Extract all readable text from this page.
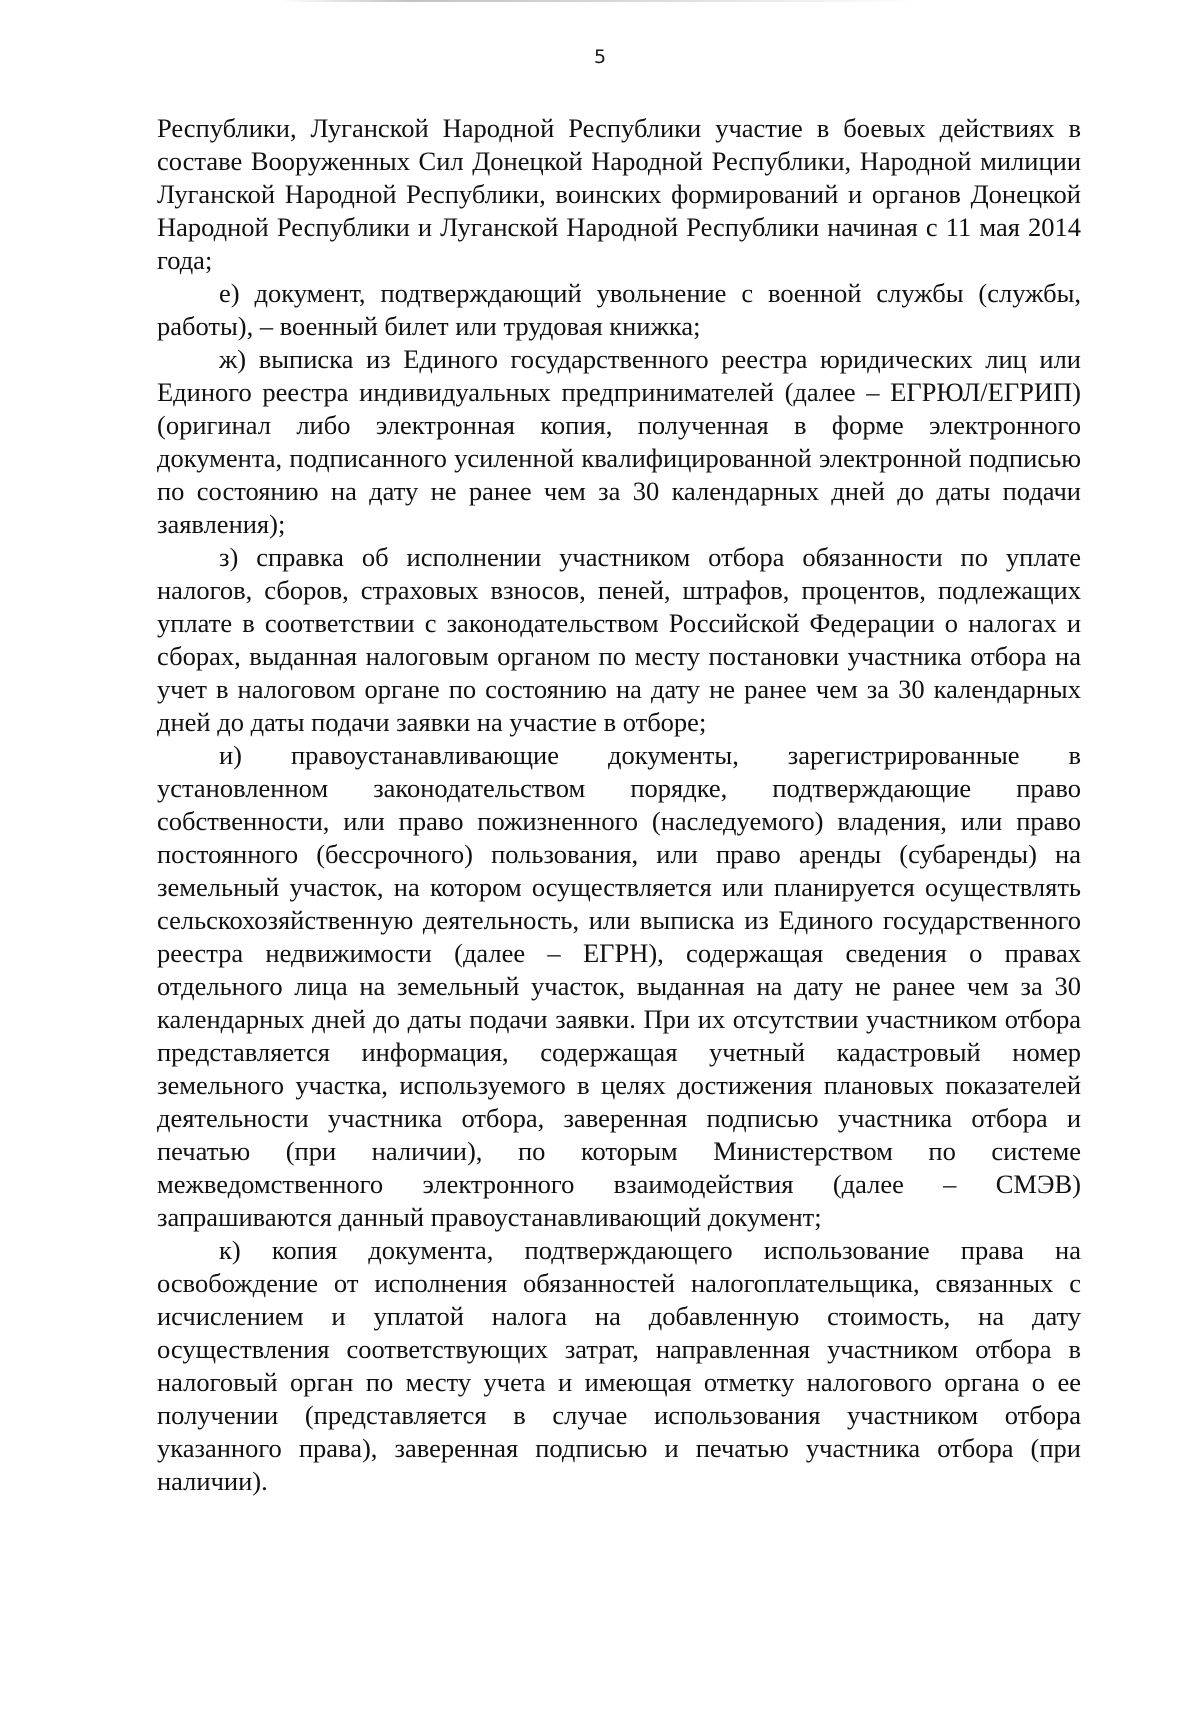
5

Республики, Луганской Народной Республики участие в боевых действиях в составе Вооруженных Сил Донецкой Народной Республики, Народной милиции Луганской Народной Республики, воинских формирований и органов Донецкой Народной Республики и Луганской Народной Республики начиная с 11 мая 2014 года;

е) документ, подтверждающий увольнение с военной службы (службы, работы), – военный билет или трудовая книжка;

ж) выписка из Единого государственного реестра юридических лиц или Единого реестра индивидуальных предпринимателей (далее – ЕГРЮЛ/ЕГРИП) (оригинал либо электронная копия, полученная в форме электронного документа, подписанного усиленной квалифицированной электронной подписью по состоянию на дату не ранее чем за 30 календарных дней до даты подачи заявления);

з) справка об исполнении участником отбора обязанности по уплате налогов, сборов, страховых взносов, пеней, штрафов, процентов, подлежащих уплате в соответствии с законодательством Российской Федерации о налогах и сборах, выданная налоговым органом по месту постановки участника отбора на учет в налоговом органе по состоянию на дату не ранее чем за 30 календарных дней до даты подачи заявки на участие в отборе;

и) правоустанавливающие документы, зарегистрированные в установленном законодательством порядке, подтверждающие право собственности, или право пожизненного (наследуемого) владения, или право постоянного (бессрочного) пользования, или право аренды (субаренды) на земельный участок, на котором осуществляется или планируется осуществлять сельскохозяйственную деятельность, или выписка из Единого государственного реестра недвижимости (далее – ЕГРН), содержащая сведения о правах отдельного лица на земельный участок, выданная на дату не ранее чем за 30 календарных дней до даты подачи заявки. При их отсутствии участником отбора представляется информация, содержащая учетный кадастровый номер земельного участка, используемого в целях достижения плановых показателей деятельности участника отбора, заверенная подписью участника отбора и печатью (при наличии), по которым Министерством по системе межведомственного электронного взаимодействия (далее – СМЭВ) запрашиваются данный правоустанавливающий документ;

к) копия документа, подтверждающего использование права на освобождение от исполнения обязанностей налогоплательщика, связанных с исчислением и уплатой налога на добавленную стоимость, на дату осуществления соответствующих затрат, направленная участником отбора в налоговый орган по месту учета и имеющая отметку налогового органа о ее получении (представляется в случае использования участником отбора указанного права), заверенная подписью и печатью участника отбора (при наличии).
